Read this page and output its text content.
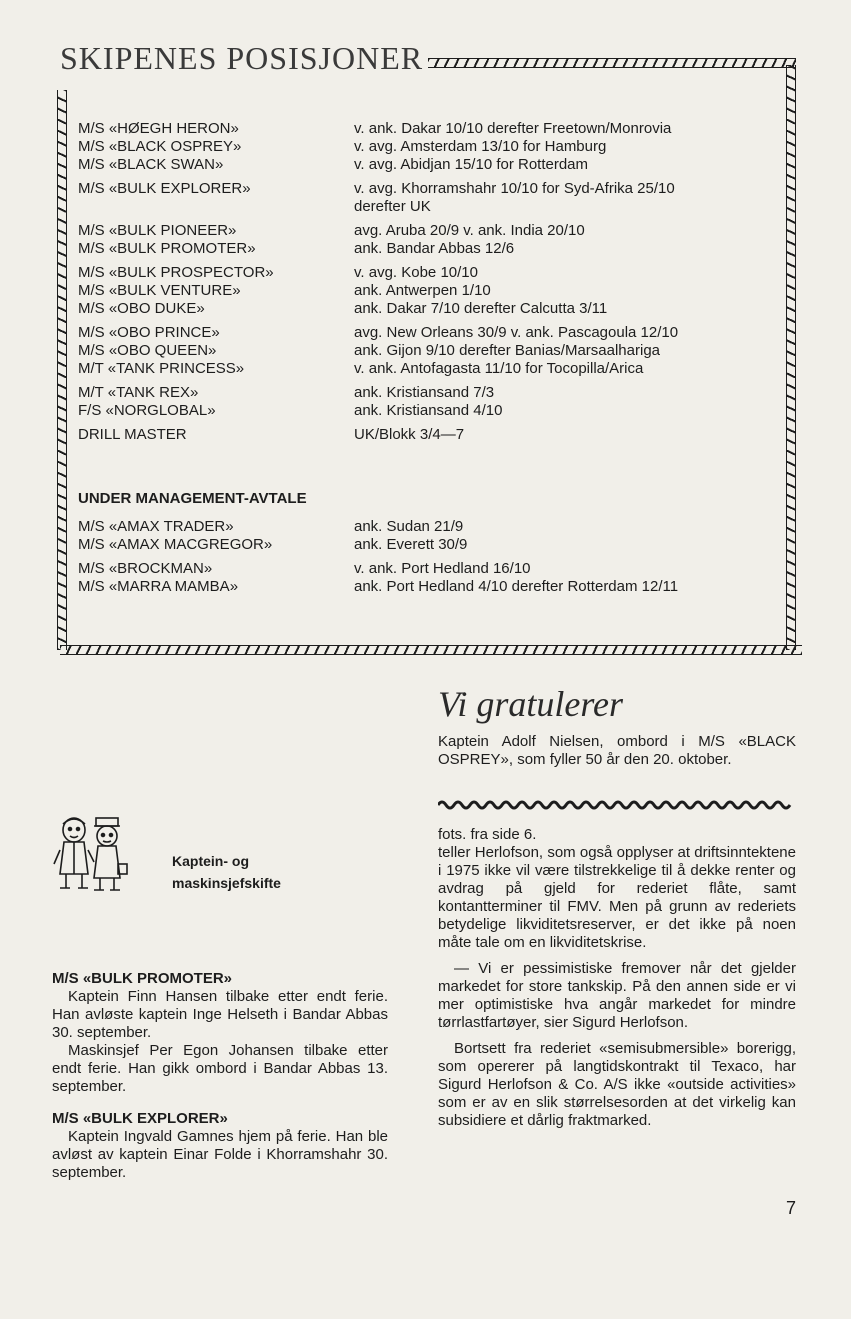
SKIPENES POSISJONER
M/S «HØEGH HERON»	v. ank. Dakar 10/10 derefter Freetown/Monrovia
M/S «BLACK OSPREY»	v. avg. Amsterdam 13/10 for Hamburg
M/S «BLACK SWAN»	v. avg. Abidjan 15/10 for Rotterdam
M/S «BULK EXPLORER»	v. avg. Khorramshahr 10/10 for Syd-Afrika 25/10
derefter UK
M/S «BULK PIONEER»	avg. Aruba 20/9 v. ank. India 20/10
M/S «BULK PROMOTER»	ank. Bandar Abbas 12/6
M/S «BULK PROSPECTOR»	v. avg. Kobe 10/10
M/S «BULK VENTURE»	ank. Antwerpen 1/10
M/S «OBO DUKE»	ank. Dakar 7/10 derefter Calcutta 3/11
M/S «OBO PRINCE»	avg. New Orleans 30/9 v. ank. Pascagoula 12/10
M/S «OBO QUEEN»	ank. Gijon 9/10 derefter Banias/Marsaalhariga
M/T «TANK PRINCESS»	v. ank. Antofagasta 11/10 for Tocopilla/Arica
M/T «TANK REX»	ank. Kristiansand 7/3
F/S «NORGLOBAL»	ank. Kristiansand 4/10
DRILL MASTER	UK/Blokk 3/4—7
UNDER MANAGEMENT-AVTALE
M/S «AMAX TRADER»	ank. Sudan 21/9
M/S «AMAX MACGREGOR»	ank. Everett 30/9
M/S «BROCKMAN»	v. ank. Port Hedland 16/10
M/S «MARRA MAMBA»	ank. Port Hedland 4/10 derefter Rotterdam 12/11
Vi gratulerer

Kaptein Adolf Nielsen, ombord i M/S «BLACK OSPREY», som fyller 50 år den 20. oktober.

Kaptein- og
maskinsjefskifte
M/S «BULK PROMOTER»

Kaptein Finn Hansen tilbake etter endt ferie. Han avløste kaptein Inge Helseth i Bandar Abbas 30. september.

Maskinsjef Per Egon Johansen tilbake etter endt ferie. Han gikk ombord i Bandar Abbas 13. september.

M/S «BULK EXPLORER»

Kaptein Ingvald Gamnes hjem på ferie. Han ble avløst av kaptein Einar Folde i Khorramshahr 30. september.

fots. fra side 6.
teller Herlofson, som også opplyser at driftsinntektene i 1975 ikke vil være tilstrekkelige til å dekke renter og avdrag på gjeld for rederiet flåte, samt kontantterminer til FMV. Men på grunn av rederiets betydelige likviditetsreserver, er det ikke på noen måte tale om en likviditetskrise.

— Vi er pessimistiske fremover når det gjelder markedet for store tankskip. På den annen side er vi mer optimistiske hva angår markedet for mindre tørrlastfartøyer, sier Sigurd Herlofson.

Bortsett fra rederiet «semisubmersible» borerigg, som opererer på langtidskontrakt til Texaco, har Sigurd Herlofson & Co. A/S ikke «outside activities» som er av en slik størrelsesorden at det virkelig kan subsidiere et dårlig fraktmarked.

7
